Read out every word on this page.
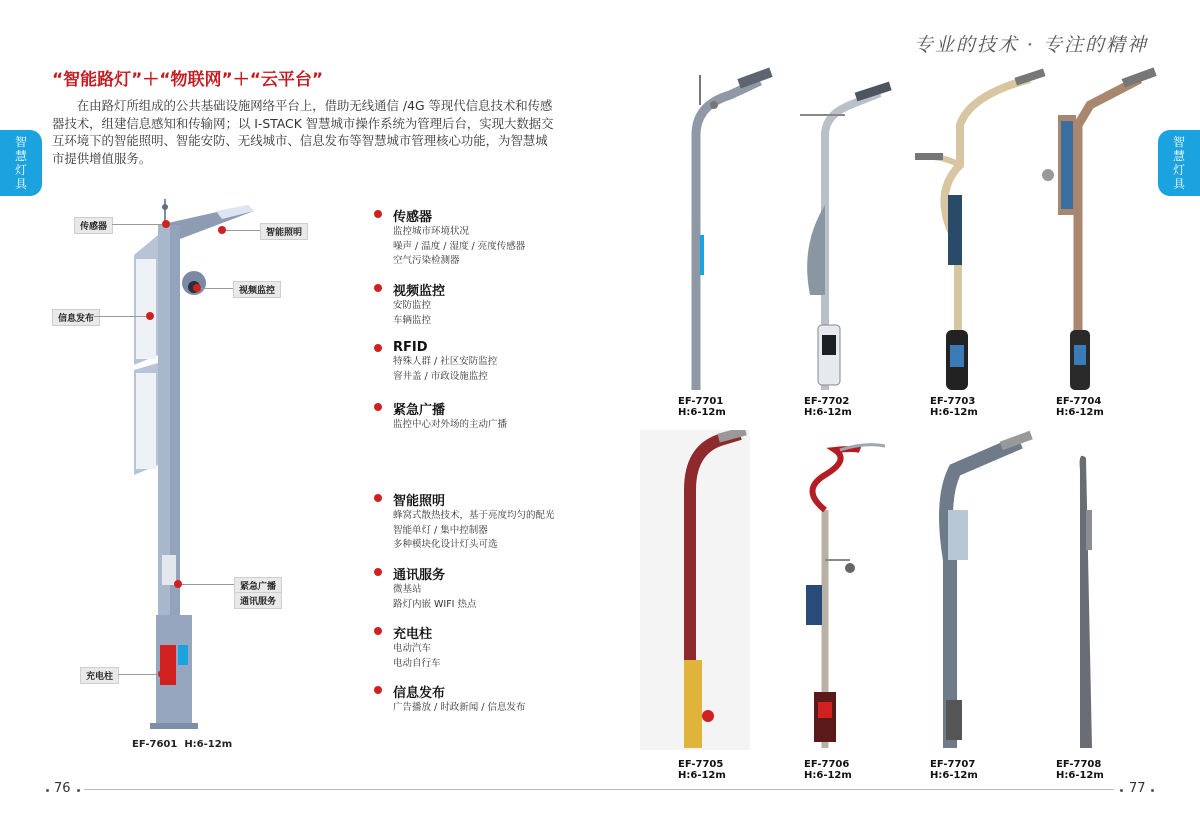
专业的技术 · 专注的精神
智
慧
灯
具
智
慧
灯
具
“智能路灯”＋“物联网”＋“云平台”
在由路灯所组成的公共基础设施网络平台上，借助无线通信 /4G 等现代信息技术和传感器技术，组建信息感知和传输网；以 I-STACK 智慧城市操作系统为管理后台，实现大数据交互环境下的智能照明、智能安防、无线城市、信息发布等智慧城市管理核心功能，为智慧城市提供增值服务。
传感器
智能照明
视频监控
信息发布
紧急广播
通讯服务
充电柱
EF-7601 H:6-12m
传感器
监控城市环境状况
噪声 / 温度 / 湿度 / 亮度传感器
空气污染检测器
视频监控
安防监控
车辆监控
RFID
特殊人群 / 社区安防监控
窨井盖 / 市政设施监控
紧急广播
监控中心对外场的主动广播
智能照明
蜂窝式散热技术，基于亮度均匀的配光
智能单灯 / 集中控制器
多种模块化设计灯头可选
通讯服务
微基站
路灯内嵌 WIFI 热点
充电柱
电动汽车
电动自行车
信息发布
广告播放 / 时政新闻 / 信息发布
EF-7701
H:6-12m
EF-7702
H:6-12m
EF-7703
H:6-12m
EF-7704
H:6-12m
EF-7705
H:6-12m
EF-7706
H:6-12m
EF-7707
H:6-12m
EF-7708
H:6-12m
76	77
